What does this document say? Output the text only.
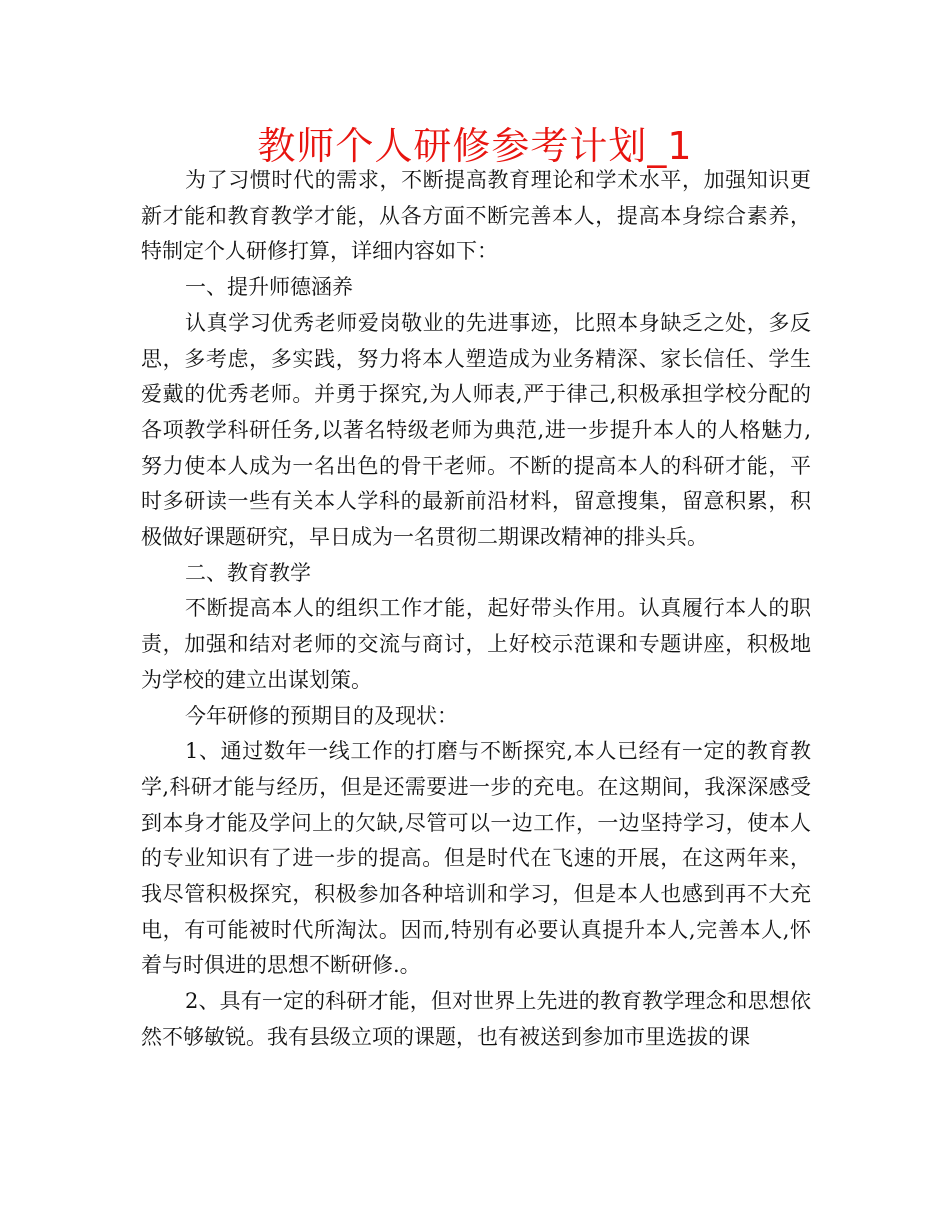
教师个人研修参考计划_1

为了习惯时代的需求，不断提高教育理论和学术水平，加强知识更新才能和教育教学才能，从各方面不断完善本人，提高本身综合素养，特制定个人研修打算，详细内容如下：

一、提升师德涵养

认真学习优秀老师爱岗敬业的先进事迹，比照本身缺乏之处，多反思，多考虑，多实践，努力将本人塑造成为业务精深、家长信任、学生爱戴的优秀老师。并勇于探究,为人师表,严于律己,积极承担学校分配的各项教学科研任务,以著名特级老师为典范,进一步提升本人的人格魅力,努力使本人成为一名出色的骨干老师。不断的提高本人的科研才能，平时多研读一些有关本人学科的最新前沿材料，留意搜集，留意积累，积极做好课题研究，早日成为一名贯彻二期课改精神的排头兵。

二、教育教学

不断提高本人的组织工作才能，起好带头作用。认真履行本人的职责，加强和结对老师的交流与商讨，上好校示范课和专题讲座，积极地为学校的建立出谋划策。

今年研修的预期目的及现状：

1、通过数年一线工作的打磨与不断探究,本人已经有一定的教育教学,科研才能与经历，但是还需要进一步的充电。在这期间，我深深感受到本身才能及学问上的欠缺,尽管可以一边工作，一边坚持学习，使本人的专业知识有了进一步的提高。但是时代在飞速的开展，在这两年来，我尽管积极探究，积极参加各种培训和学习，但是本人也感到再不大充电，有可能被时代所淘汰。因而,特别有必要认真提升本人,完善本人,怀着与时俱进的思想不断研修.。

2、具有一定的科研才能，但对世界上先进的教育教学理念和思想依然不够敏锐。我有县级立项的课题，也有被送到参加市里选拔的课
